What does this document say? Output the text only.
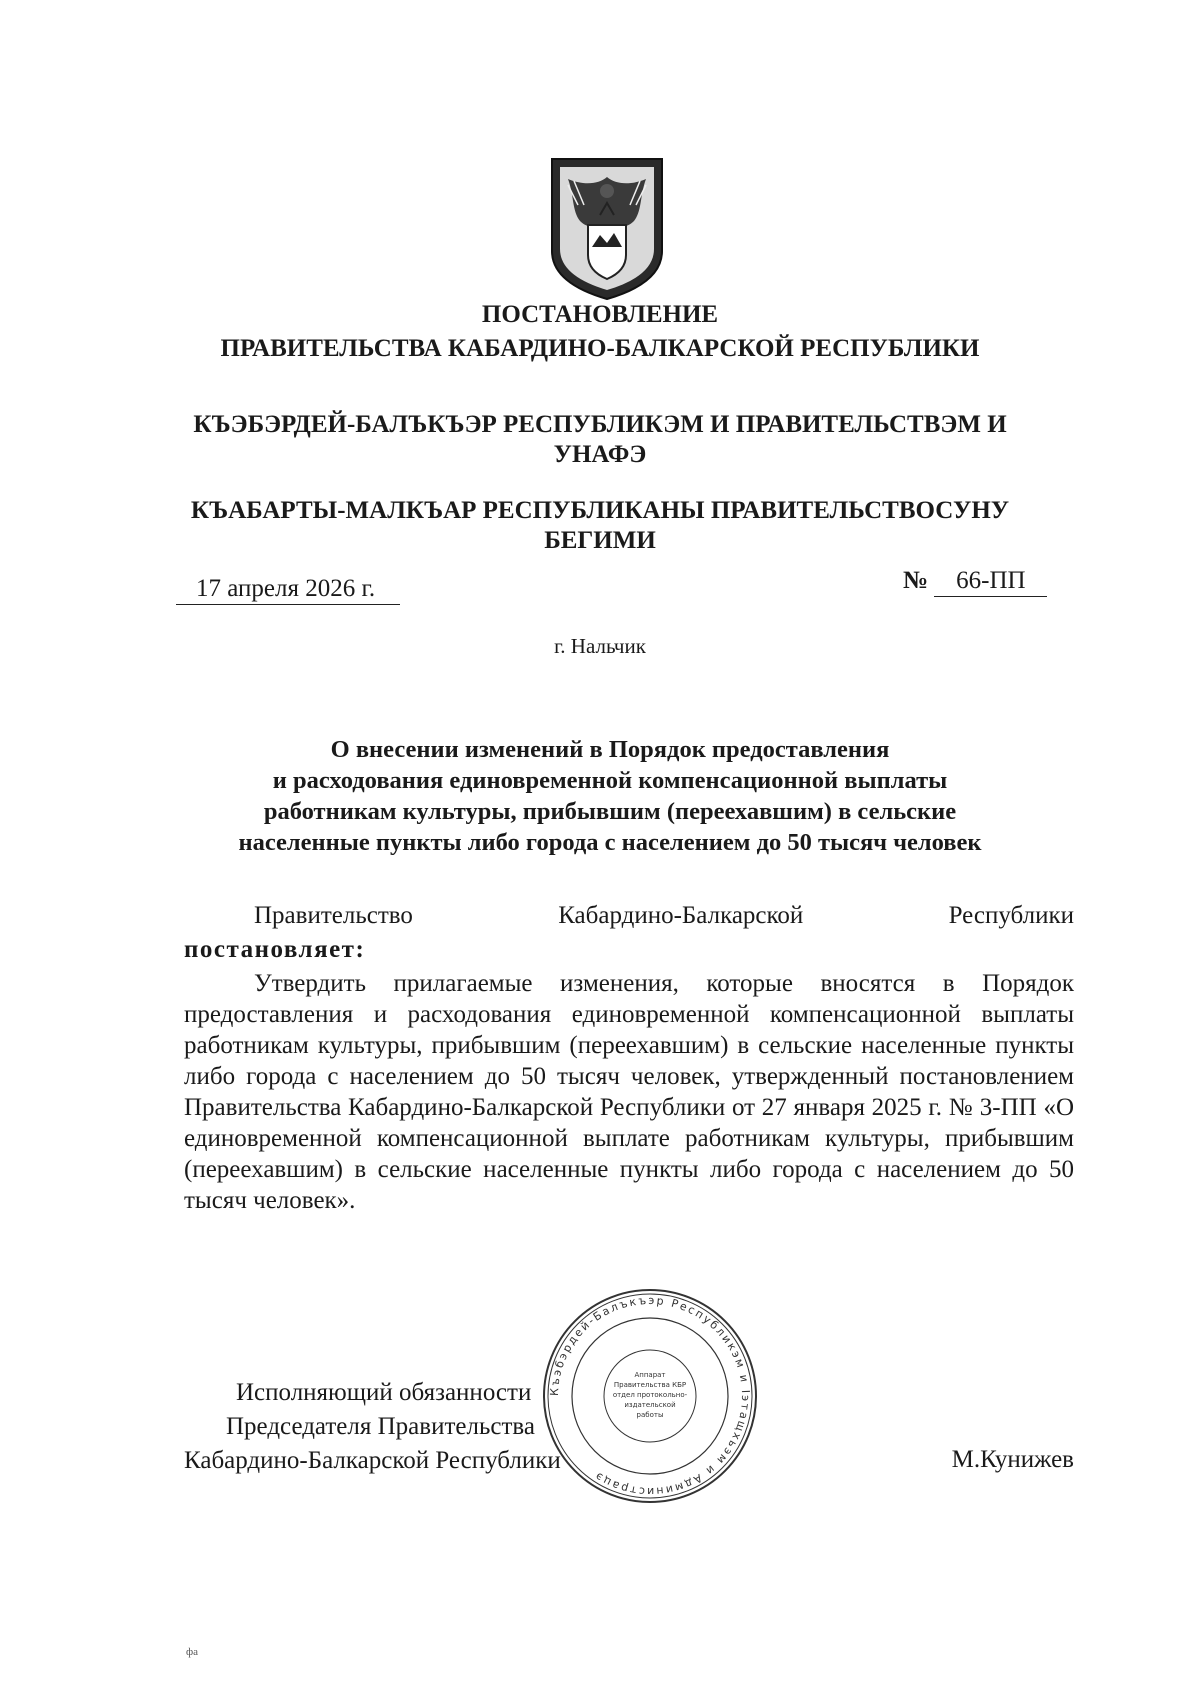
ПОСТАНОВЛЕНИЕ
ПРАВИТЕЛЬСТВА КАБАРДИНО-БАЛКАРСКОЙ РЕСПУБЛИКИ
КЪЭБЭРДЕЙ-БАЛЪКЪЭР РЕСПУБЛИКЭМ И ПРАВИТЕЛЬСТВЭМ И
УНАФЭ
КЪАБАРТЫ-МАЛКЪАР РЕСПУБЛИКАНЫ ПРАВИТЕЛЬСТВОСУНУ
БЕГИМИ
17 апреля 2026 г.	№ 66-ПП
г. Нальчик
О внесении изменений в Порядок предоставления
и расходования единовременной компенсационной выплаты
работникам культуры, прибывшим (переехавшим) в сельские
населенные пункты либо города с населением до 50 тысяч человек
Правительство	Кабардино-Балкарской	Республики
постановляет:
Утвердить прилагаемые изменения, которые вносятся в Порядок предоставления и расходования единовременной компенсационной выплаты работникам культуры, прибывшим (переехавшим) в сельские населенные пункты либо города с населением до 50 тысяч человек, утвержденный постановлением Правительства Кабардино-Балкарской Республики от 27 января 2025 г. № 3-ПП «О единовременной компенсационной выплате работникам культуры, прибывшим (переехавшим) в сельские населенные пункты либо города с населением до 50 тысяч человек».
Къэбэрдей-Балъкъэр Республикэм и Іэтащхьэм и Администрацэ
Аппарат
Правительства КБР
отдел протокольно-
издательской
работы
Исполняющий обязанности
Председателя Правительства
Кабардино-Балкарской Республики	М.Кунижев
фа
